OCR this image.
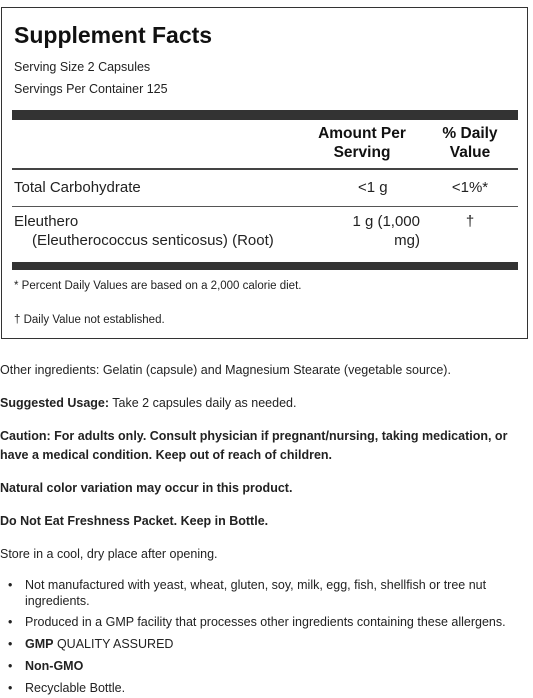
Supplement Facts
Serving Size 2 Capsules
Servings Per Container 125
Amount Per
Serving
% Daily
Value
Total Carbohydrate	<1 g	<1%*
Eleuthero
(Eleutherococcus senticosus) (Root)
1 g (1,000
mg)
†
* Percent Daily Values are based on a 2,000 calorie diet.
† Daily Value not established.
Other ingredients: Gelatin (capsule) and Magnesium Stearate (vegetable source).
Suggested Usage: Take 2 capsules daily as needed.
Caution: For adults only. Consult physician if pregnant/nursing, taking medication, or
have a medical condition. Keep out of reach of children.
Natural color variation may occur in this product.
Do Not Eat Freshness Packet. Keep in Bottle.
Store in a cool, dry place after opening.
• Not manufactured with yeast, wheat, gluten, soy, milk, egg, fish, shellfish or tree nut
ingredients.
• Produced in a GMP facility that processes other ingredients containing these allergens.
• GMP QUALITY ASSURED
• Non-GMO
• Recyclable Bottle.
